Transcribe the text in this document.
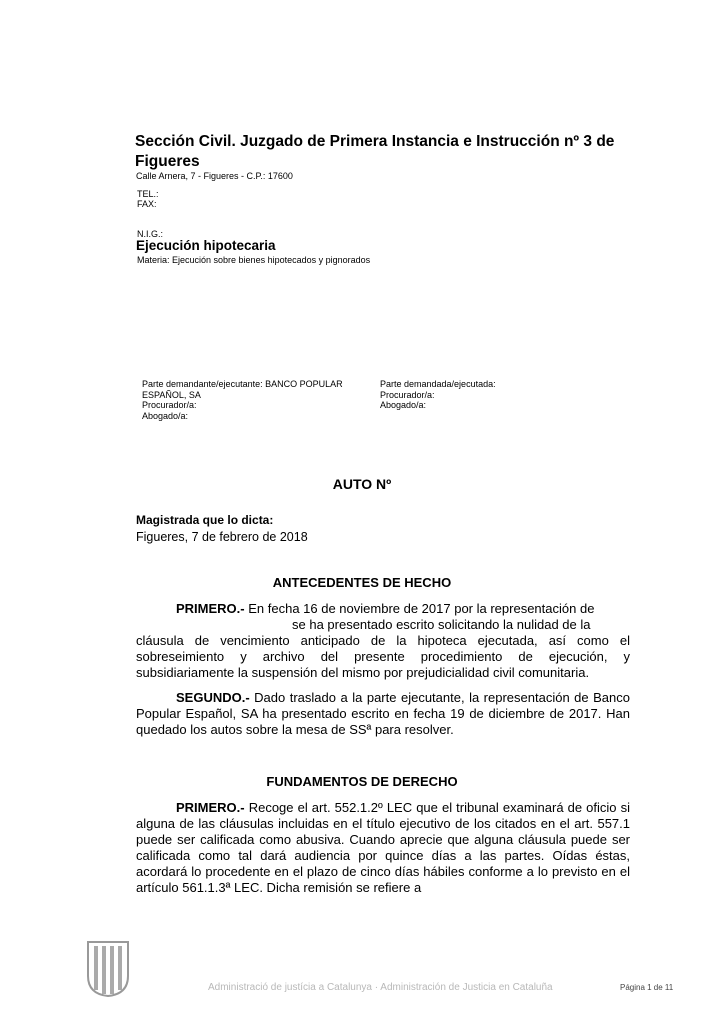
Sección Civil. Juzgado de Primera Instancia e Instrucción nº 3 de
Figueres
Calle Arnera, 7 - Figueres - C.P.: 17600
TEL.:
FAX:
N.I.G.:
Ejecución hipotecaria
Materia: Ejecución sobre bienes hipotecados y pignorados
Parte demandante/ejecutante: BANCO POPULAR
ESPAÑOL, SA
Procurador/a:
Abogado/a:
Parte demandada/ejecutada:
Procurador/a:
Abogado/a:
AUTO Nº
Magistrada que lo dicta:
Figueres, 7 de febrero de 2018
ANTECEDENTES DE HECHO
PRIMERO.- En fecha 16 de noviembre de 2017 por la representación de
se ha presentado escrito solicitando la nulidad de la
cláusula de vencimiento anticipado de la hipoteca ejecutada, así como el sobreseimiento y archivo del presente procedimiento de ejecución, y subsidiariamente la suspensión del mismo por prejudicialidad civil comunitaria.
SEGUNDO.- Dado traslado a la parte ejecutante, la representación de Banco Popular Español, SA ha presentado escrito en fecha 19 de diciembre de 2017. Han quedado los autos sobre la mesa de SSª para resolver.
FUNDAMENTOS DE DERECHO
PRIMERO.- Recoge el art. 552.1.2º LEC que el tribunal examinará de oficio si alguna de las cláusulas incluidas en el título ejecutivo de los citados en el art. 557.1 puede ser calificada como abusiva. Cuando aprecie que alguna cláusula puede ser calificada como tal dará audiencia por quince días a las partes. Oídas éstas, acordará lo procedente en el plazo de cinco días hábiles conforme a lo previsto en el artículo 561.1.3ª LEC. Dicha remisión se refiere a
Administració de justícia a Catalunya · Administración de Justicia en Cataluña	Página 1 de 11
